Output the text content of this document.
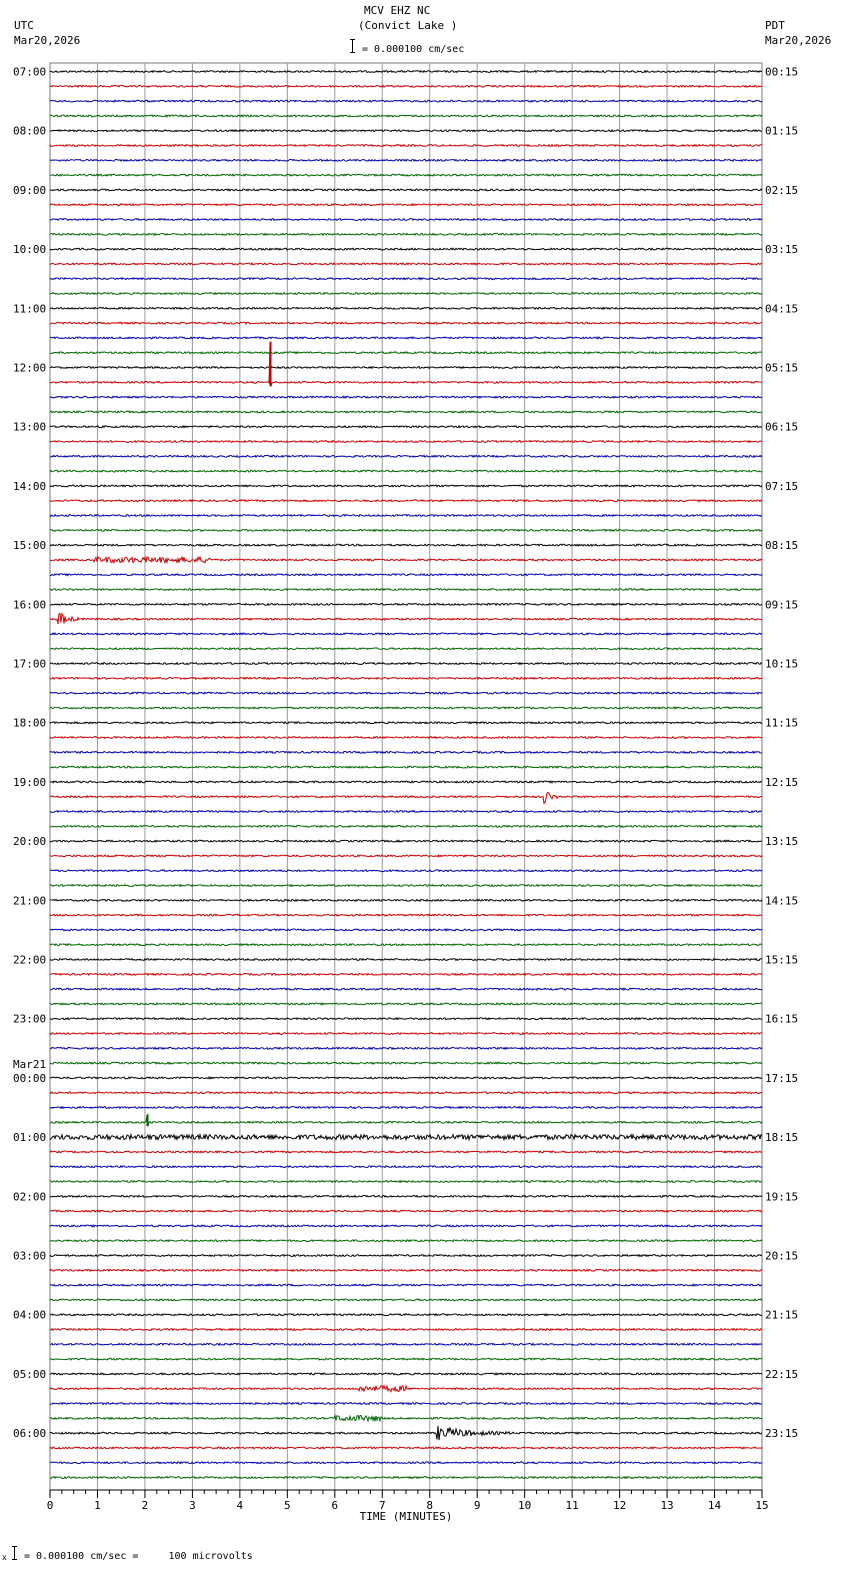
0	1	2	3	4	5	6	7	8	9	10	11	12	13	14	15
TIME (MINUTES)
07:00
08:00
09:00
10:00
11:00
12:00
13:00
14:00
15:00
16:00
17:00
18:00
19:00
20:00
21:00
22:00
23:00
00:00
Mar21
01:00
02:00
03:00
04:00
05:00
06:00
00:15
01:15
02:15
03:15
04:15
05:15
06:15
07:15
08:15
09:15
10:15
11:15
12:15
13:15
14:15
15:15
16:15
17:15
18:15
19:15
20:15
21:15
22:15
23:15
MCV EHZ NC
(Convict Lake )
= 0.000100 cm/sec
UTC
Mar20,2026
PDT
Mar20,2026
x = 0.000100 cm/sec =     100 microvolts
